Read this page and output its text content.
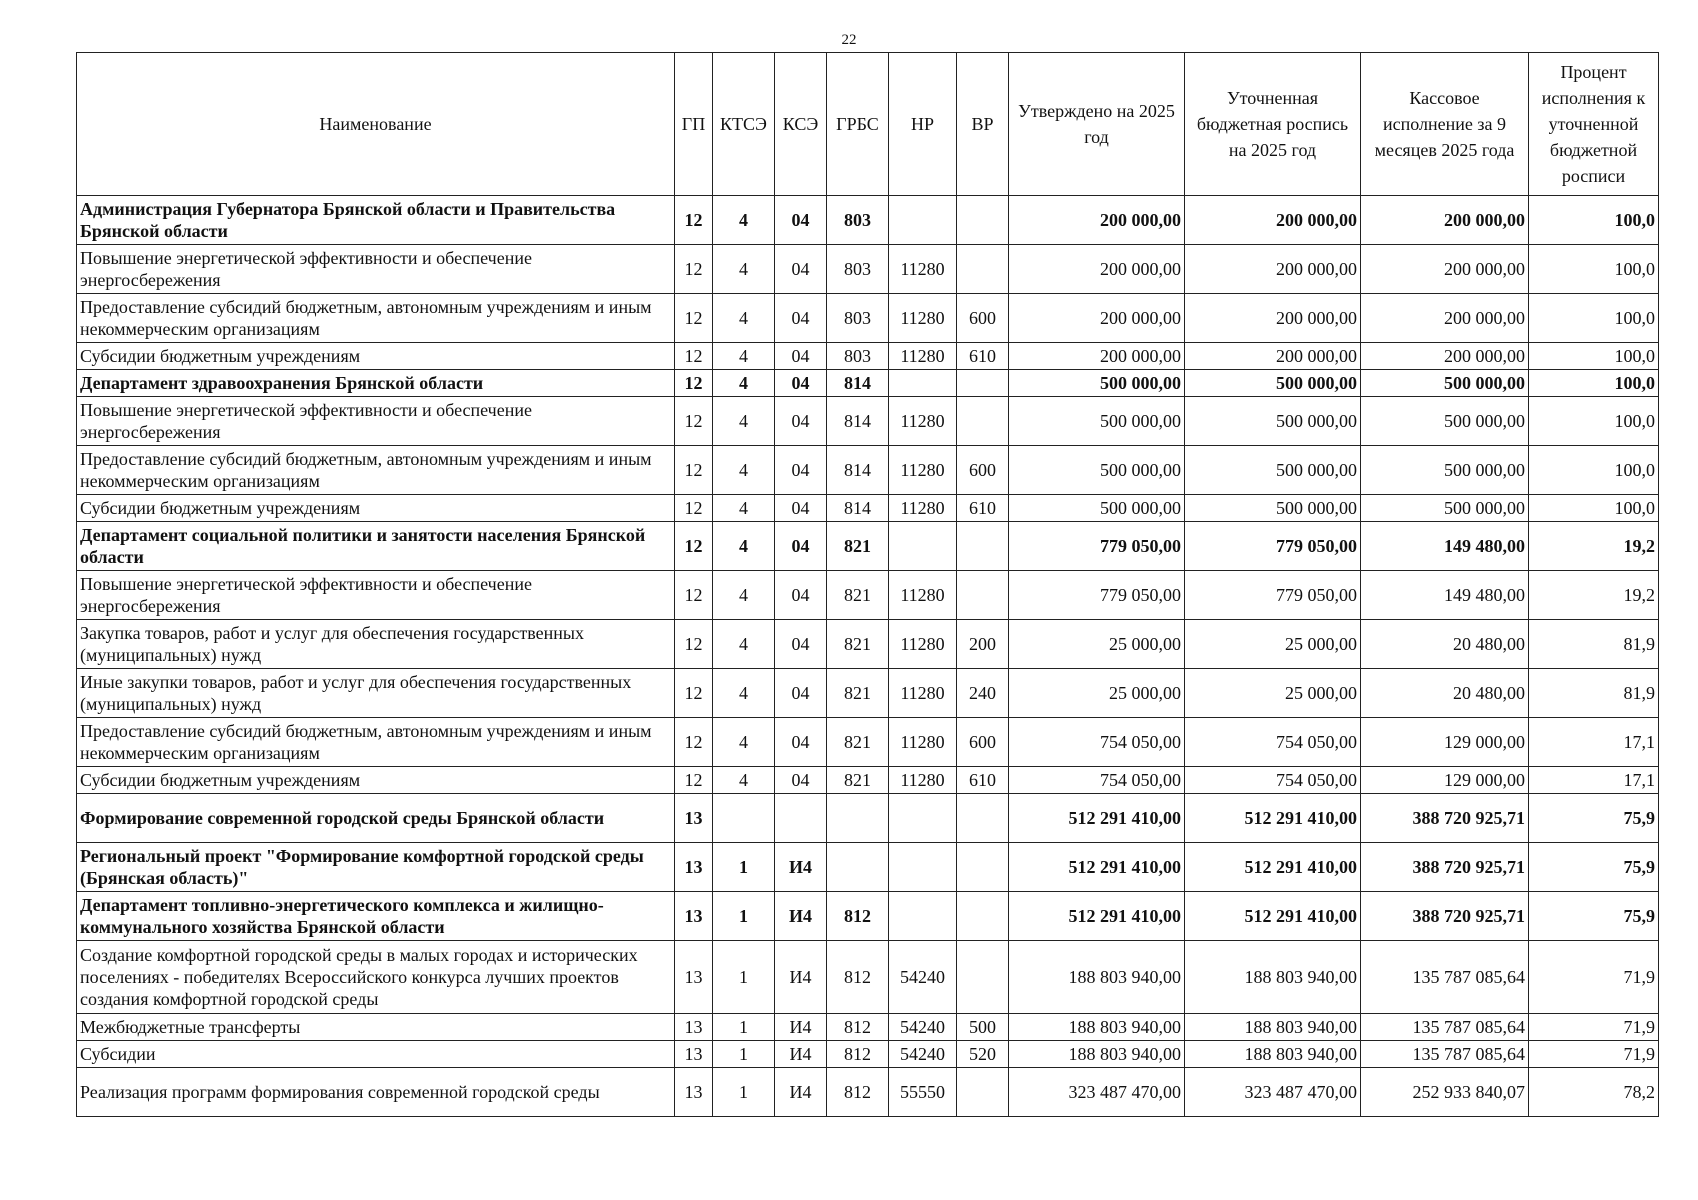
22
Наименование	ГП	КТСЭ	КСЭ	ГРБС	НР	ВР	Утверждено на 2025 год	Уточненная бюджетная роспись на 2025 год	Кассовое исполнение за 9 месяцев 2025 года	Процент исполнения к уточненной бюджетной росписи
Администрация Губернатора Брянской области и Правительства Брянской области	12	4	04	803			200 000,00	200 000,00	200 000,00	100,0
Повышение энергетической эффективности и обеспечение энергосбережения	12	4	04	803	11280		200 000,00	200 000,00	200 000,00	100,0
Предоставление субсидий бюджетным, автономным учреждениям и иным некоммерческим организациям	12	4	04	803	11280	600	200 000,00	200 000,00	200 000,00	100,0
Субсидии бюджетным учреждениям	12	4	04	803	11280	610	200 000,00	200 000,00	200 000,00	100,0
Департамент здравоохранения Брянской области	12	4	04	814			500 000,00	500 000,00	500 000,00	100,0
Повышение энергетической эффективности и обеспечение энергосбережения	12	4	04	814	11280		500 000,00	500 000,00	500 000,00	100,0
Предоставление субсидий бюджетным, автономным учреждениям и иным некоммерческим организациям	12	4	04	814	11280	600	500 000,00	500 000,00	500 000,00	100,0
Субсидии бюджетным учреждениям	12	4	04	814	11280	610	500 000,00	500 000,00	500 000,00	100,0
Департамент социальной политики и занятости населения Брянской области	12	4	04	821			779 050,00	779 050,00	149 480,00	19,2
Повышение энергетической эффективности и обеспечение энергосбережения	12	4	04	821	11280		779 050,00	779 050,00	149 480,00	19,2
Закупка товаров, работ и услуг для обеспечения государственных (муниципальных) нужд	12	4	04	821	11280	200	25 000,00	25 000,00	20 480,00	81,9
Иные закупки товаров, работ и услуг для обеспечения государственных (муниципальных) нужд	12	4	04	821	11280	240	25 000,00	25 000,00	20 480,00	81,9
Предоставление субсидий бюджетным, автономным учреждениям и иным некоммерческим организациям	12	4	04	821	11280	600	754 050,00	754 050,00	129 000,00	17,1
Субсидии бюджетным учреждениям	12	4	04	821	11280	610	754 050,00	754 050,00	129 000,00	17,1
Формирование современной городской среды Брянской области	13						512 291 410,00	512 291 410,00	388 720 925,71	75,9
Региональный проект "Формирование комфортной городской среды (Брянская область)"	13	1	И4				512 291 410,00	512 291 410,00	388 720 925,71	75,9
Департамент топливно-энергетического комплекса и жилищно-коммунального хозяйства Брянской области	13	1	И4	812			512 291 410,00	512 291 410,00	388 720 925,71	75,9
Создание комфортной городской среды в малых городах и исторических поселениях - победителях Всероссийского конкурса лучших проектов создания комфортной городской среды	13	1	И4	812	54240		188 803 940,00	188 803 940,00	135 787 085,64	71,9
Межбюджетные трансферты	13	1	И4	812	54240	500	188 803 940,00	188 803 940,00	135 787 085,64	71,9
Субсидии	13	1	И4	812	54240	520	188 803 940,00	188 803 940,00	135 787 085,64	71,9
Реализация программ формирования современной городской среды	13	1	И4	812	55550		323 487 470,00	323 487 470,00	252 933 840,07	78,2
